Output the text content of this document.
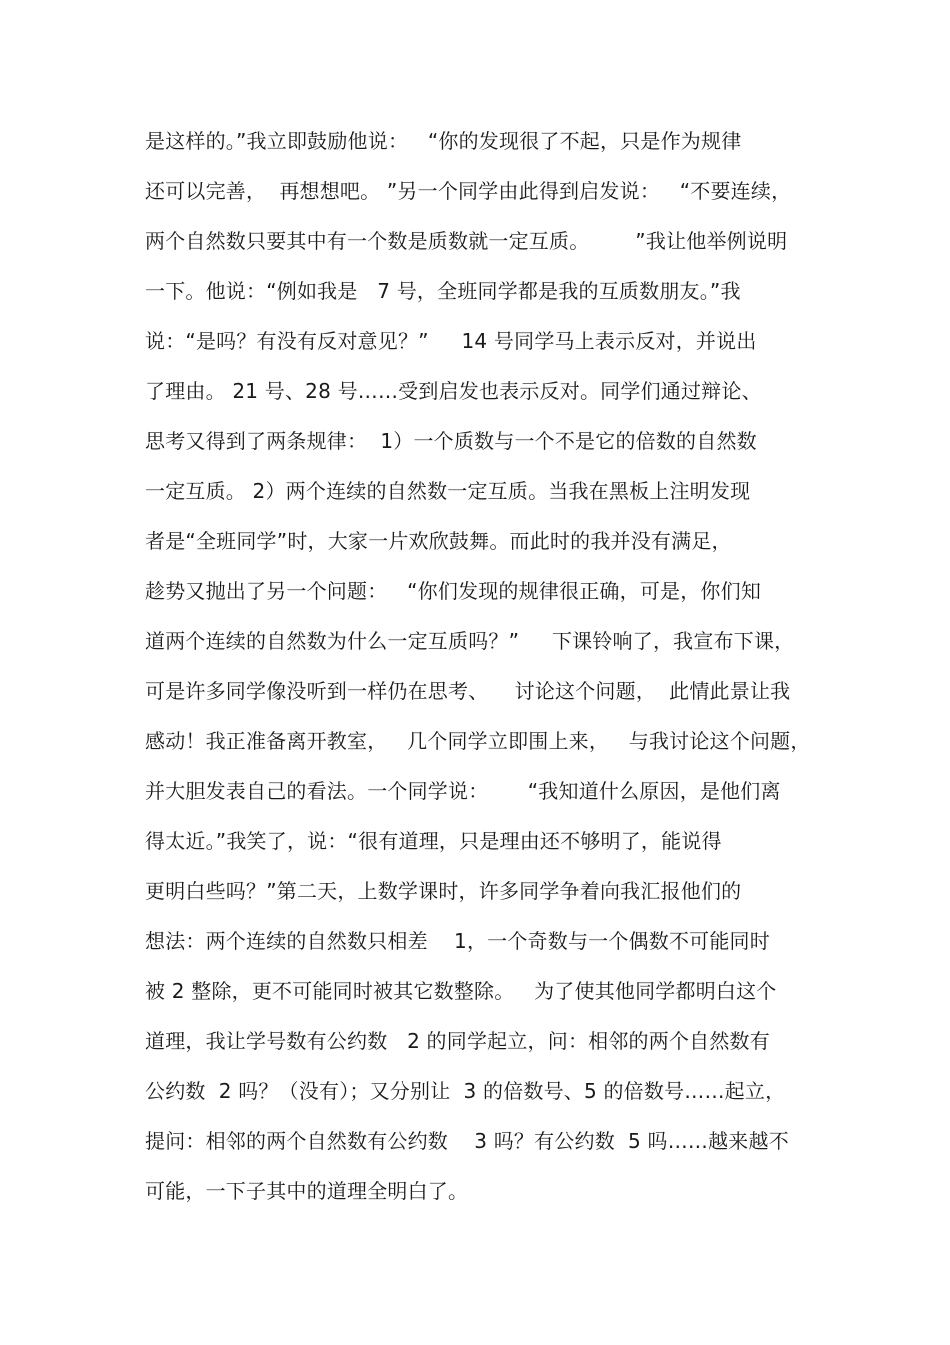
是这样的。”我立即鼓励他说：   “你的发现很了不起，只是作为规律
还可以完善，  再想想吧。 ”另一个同学由此得到启发说：   “不要连续，
两个自然数只要其中有一个数是质数就一定互质。       ”我让他举例说明
一下。他说：“例如我是   7 号，全班同学都是我的互质数朋友。”我
说：“是吗？有没有反对意见？”     14 号同学马上表示反对，并说出
了理由。 21 号、28 号……受到启发也表示反对。同学们通过辩论、
思考又得到了两条规律：  1）一个质数与一个不是它的倍数的自然数
一定互质。 2）两个连续的自然数一定互质。当我在黑板上注明发现
者是“全班同学”时，大家一片欢欣鼓舞。而此时的我并没有满足，
趁势又抛出了另一个问题：   “你们发现的规律很正确，可是，你们知
道两个连续的自然数为什么一定互质吗？”     下课铃响了，我宣布下课，
可是许多同学像没听到一样仍在思考、    讨论这个问题，  此情此景让我
感动！我正准备离开教室，   几个同学立即围上来，   与我讨论这个问题，
并大胆发表自己的看法。一个同学说：      “我知道什么原因，是他们离
得太近。”我笑了，说：“很有道理，只是理由还不够明了，能说得
更明白些吗？”第二天，上数学课时，许多同学争着向我汇报他们的
想法：两个连续的自然数只相差    1，一个奇数与一个偶数不可能同时
被 2 整除，更不可能同时被其它数整除。   为了使其他同学都明白这个
道理，我让学号数有公约数   2 的同学起立，问：相邻的两个自然数有
公约数  2 吗？（没有）；又分别让  3 的倍数号、5 的倍数号……起立，
提问：相邻的两个自然数有公约数    3 吗？有公约数  5 吗……越来越不
可能，一下子其中的道理全明白了。
